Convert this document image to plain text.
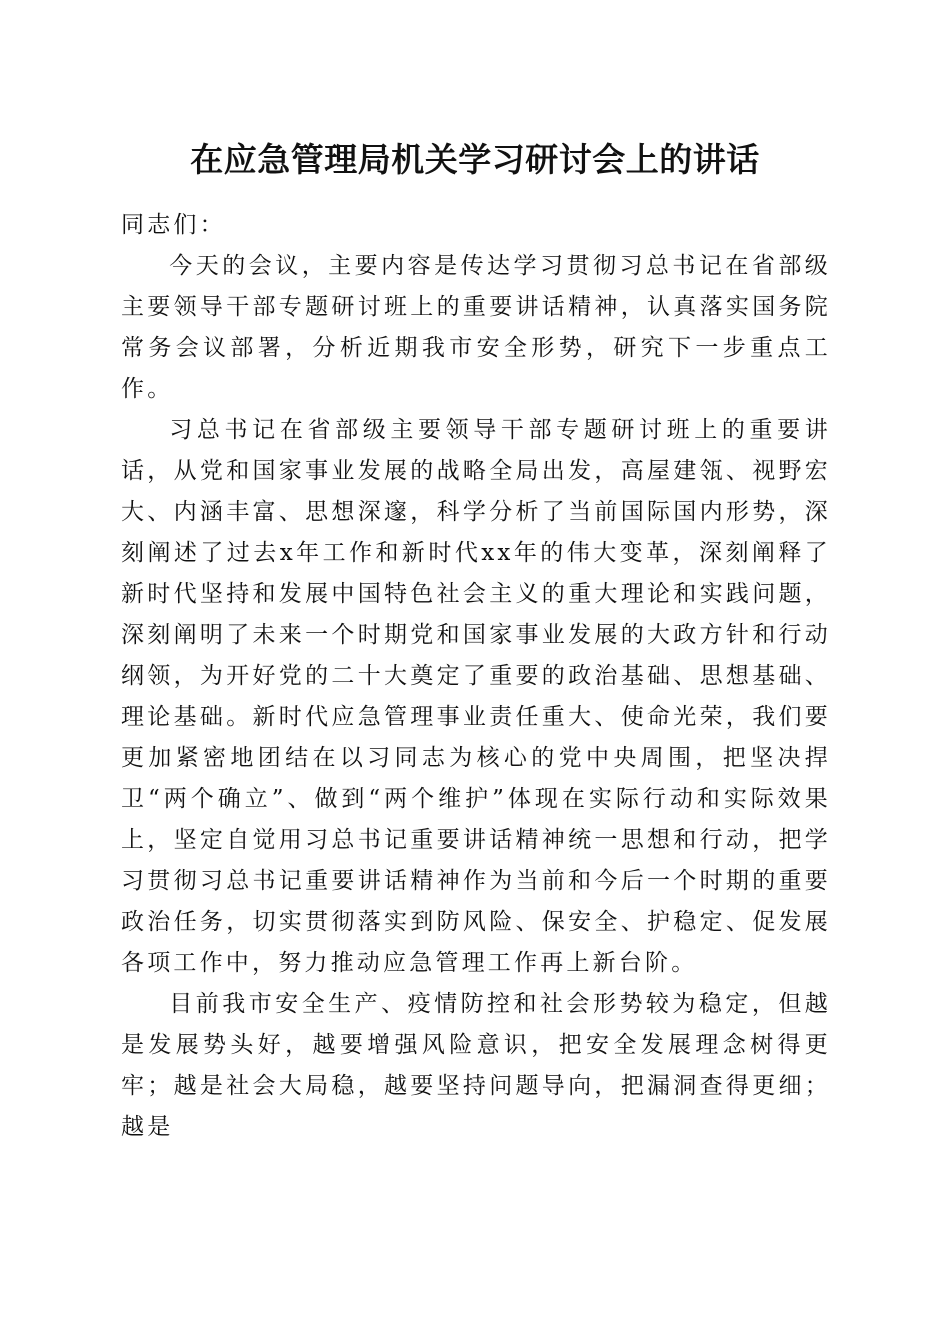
在应急管理局机关学习研讨会上的讲话

同志们：

今天的会议，主要内容是传达学习贯彻习总书记在省部级主要领导干部专题研讨班上的重要讲话精神，认真落实国务院常务会议部署，分析近期我市安全形势，研究下一步重点工作。

习总书记在省部级主要领导干部专题研讨班上的重要讲话，从党和国家事业发展的战略全局出发，高屋建瓴、视野宏大、内涵丰富、思想深邃，科学分析了当前国际国内形势，深刻阐述了过去x年工作和新时代xx年的伟大变革，深刻阐释了新时代坚持和发展中国特色社会主义的重大理论和实践问题，深刻阐明了未来一个时期党和国家事业发展的大政方针和行动纲领，为开好党的二十大奠定了重要的政治基础、思想基础、理论基础。新时代应急管理事业责任重大、使命光荣，我们要更加紧密地团结在以习同志为核心的党中央周围，把坚决捍卫“两个确立”、做到“两个维护”体现在实际行动和实际效果上，坚定自觉用习总书记重要讲话精神统一思想和行动，把学习贯彻习总书记重要讲话精神作为当前和今后一个时期的重要政治任务，切实贯彻落实到防风险、保安全、护稳定、促发展各项工作中，努力推动应急管理工作再上新台阶。

目前我市安全生产、疫情防控和社会形势较为稳定，但越是发展势头好，越要增强风险意识，把安全发展理念树得更牢；越是社会大局稳，越要坚持问题导向，把漏洞查得更细；越是
